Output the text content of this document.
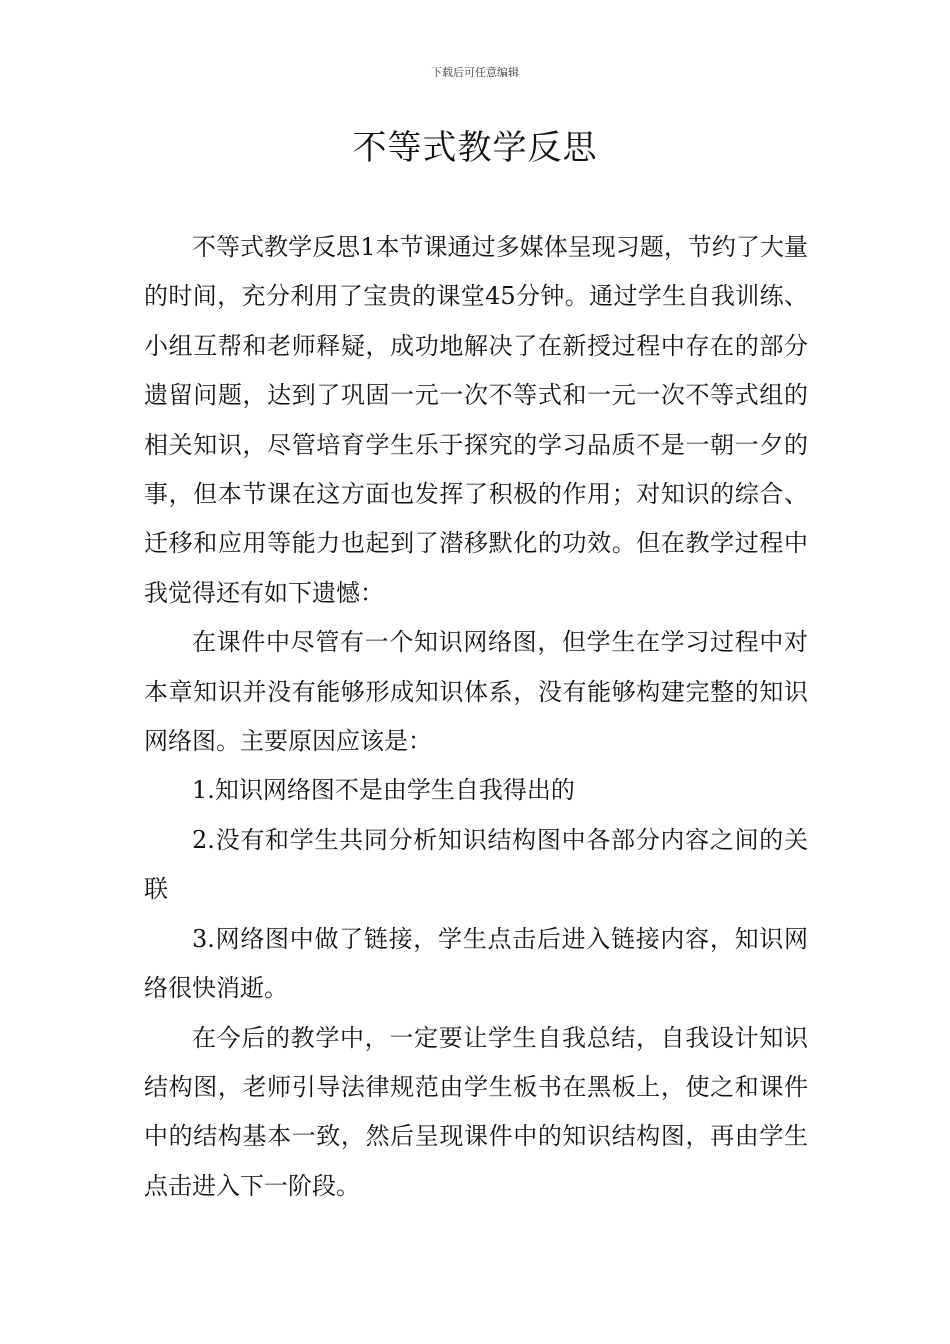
下载后可任意编辑
不等式教学反思

不等式教学反思1本节课通过多媒体呈现习题，节约了大量的时间，充分利用了宝贵的课堂45分钟。通过学生自我训练、小组互帮和老师释疑，成功地解决了在新授过程中存在的部分遗留问题，达到了巩固一元一次不等式和一元一次不等式组的相关知识，尽管培育学生乐于探究的学习品质不是一朝一夕的事，但本节课在这方面也发挥了积极的作用；对知识的综合、迁移和应用等能力也起到了潜移默化的功效。但在教学过程中我觉得还有如下遗憾：

在课件中尽管有一个知识网络图，但学生在学习过程中对本章知识并没有能够形成知识体系，没有能够构建完整的知识网络图。主要原因应该是：

1.知识网络图不是由学生自我得出的

2.没有和学生共同分析知识结构图中各部分内容之间的关联

3.网络图中做了链接，学生点击后进入链接内容，知识网络很快消逝。

在今后的教学中，一定要让学生自我总结，自我设计知识结构图，老师引导法律规范由学生板书在黑板上，使之和课件中的结构基本一致，然后呈现课件中的知识结构图，再由学生点击进入下一阶段。
